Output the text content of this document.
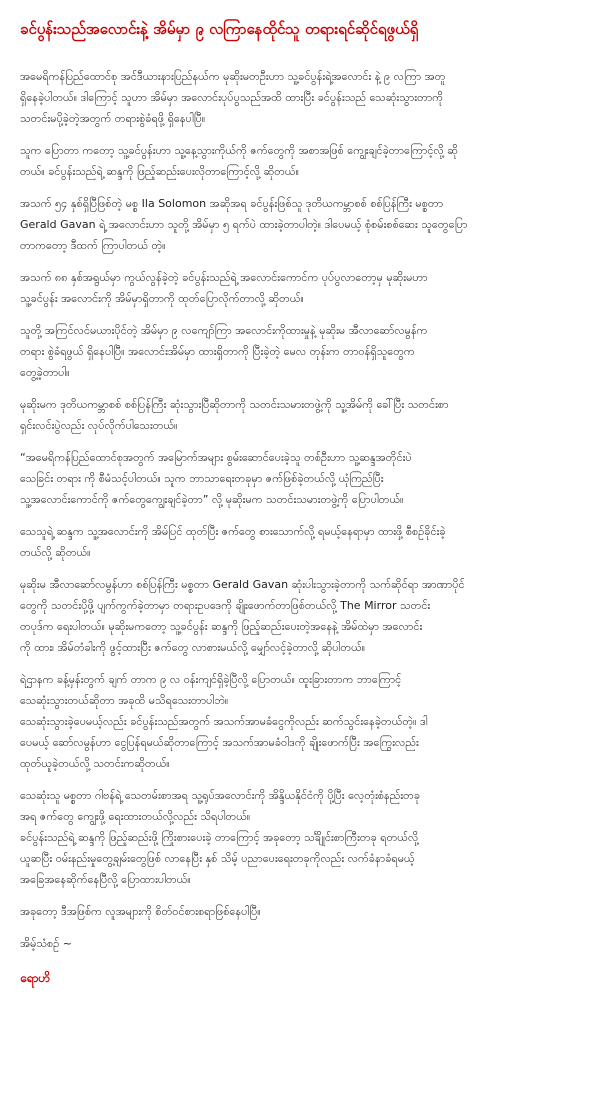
ခင်ပွန်းသည်အလောင်းနဲ့ အိမ်မှာ ၉ လကြာနေထိုင်သူ တရားရင်ဆိုင်ရဖွယ်ရှိ

အမေရိကန်ပြည်ထောင်စု အင်ဒီယားနားပြည်နယ်က မုဆိုးမတဦးဟာ သူ့ခင်ပွန်းရဲ့အလောင်း နဲ့ ၉ လကြာ အတူ
ရှိနေခဲ့ပါတယ်။ ဒါကြောင့် သူဟာ အိမ်မှာ အလောင်းပုပ်ပွသည်အထိ ထားပြီး ခင်ပွန်းသည် သေဆုံးသွားတာကို
သတင်းမပို့ခဲ့တဲ့အတွက် တရားစွဲခံရဖို့ ရှိနေပါပြီ။

သူက ပြောတာ ကတော့ သူ့ခင်ပွန်းဟာ သူ့နေ့သွားကိုယ်ကို ဇက်တွေကို အစာအဖြစ် ကျွေးချင်ခဲ့တာကြောင့်လို့ ဆို
တယ်။ ခင်ပွန်းသည်ရဲ့ ဆန္ဒကို ဖြည့်ဆည်းပေးလိုတာကြောင့်လို့ ဆိုတယ်။

အသက် ၅၄ နှစ်ရှိပြီဖြစ်တဲ့ မစ္စ Ila Solomon အဆိုအရ ခင်ပွန်းဖြစ်သူ ဒုတိယကမ္ဘာစစ် စစ်ပြန်ကြီး မစ္စတာ
Gerald Gavan ရဲ့ အလောင်းဟာ သူတို့ အိမ်မှာ ၅ ရက်ပဲ ထားခဲ့တာပါတဲ့။ ဒါပေမယ့် စုံစမ်းစစ်ဆေး သူတွေပြော
တာကတော့ ဒီထက် ကြာပါတယ် တဲ့။

အသက် ၈၈ နှစ်အရွယ်မှာ ကွယ်လွန်ခဲ့တဲ့ ခင်ပွန်းသည်ရဲ့ အလောင်းကောင်က ပုပ်ပွလာတော့မှ မုဆိုးမဟာ
သူ့ခင်ပွန်း အလောင်းကို အိမ်မှာရှိတာကို ထုတ်ပြောလိုက်တာလို့ ဆိုတယ်။

သူတို့ အကြင်လင်မယားပိုင်တဲ့ အိမ်မှာ ၉ လကျော်ကြာ အလောင်းကိုထားမှုနဲ့ မုဆိုးမ အီလာဆော်လမွန်က
တရား စွဲခံရဖွယ် ရှိနေပါပြီ။ အလောင်းအိမ်မှာ ထားရှိတာကို ပြီးခဲ့တဲ့ မေလ တုန်းက တာဝန်ရှိသူတွေက
တွေ့ခဲ့တာပါ။

မုဆိုးမက ဒုတိယကမ္ဘာစစ် စစ်ပြန်ကြီး ဆုံးသွားပြီဆိုတာကို သတင်းသမားတဖွဲ့ကို သူ့အိမ်ကို ခေါ်ပြီး သတင်းစာ
ရှင်းလင်းပွဲလည်း လုပ်လိုက်ပါသေးတယ်။

“အမေရိကန်ပြည်ထောင်စုအတွက် အမြောက်အများ စွမ်းဆောင်ပေးခဲ့သူ တစ်ဦးဟာ သူ့ဆန္ဒအတိုင်းပဲ
သေခြင်း တရား ကို စီမံသင့်ပါတယ်။ သူက ဘာသာရေးတခုမှာ ဇက်ဖြစ်ခဲ့တယ်လို့ ယုံကြည်ပြီး
သူ့အလောင်းကောင်ကို ဇက်တွေကျွေးချင်ခဲ့တာ” လို့ မုဆိုးမက သတင်းသမားတဖွဲ့ကို ပြောပါတယ်။

သေသူရဲ့ ဆန္ဒက သူ့အလောင်းကို အိမ်ပြင် ထုတ်ပြီး ဇက်တွေ စားသောက်လို့ ရမယ့်နေရာမှာ ထားဖို့ စီစဉ်ခိုင်းခဲ့
တယ်လို့ ဆိုတယ်။

မုဆိုးမ အီလာဆော်လမွန်ဟာ စစ်ပြန်ကြီး မစ္စတာ Gerald Gavan ဆုံးပါးသွားခဲ့တာကို သက်ဆိုင်ရာ အာဏာပိုင်
တွေကို သတင်းပို့ဖို့ ပျက်ကွက်ခဲ့တာမှာ တရားဥပဒေကို ချိုးဖောက်တာဖြစ်တယ်လို့ The Mirror သတင်း
တပုဒ်က ရေးပါတယ်။ မုဆိုးမကတော့ သူ့ခင်ပွန်း ဆန္ဒကို ဖြည့်ဆည်းပေးတဲ့အနေနဲ့ အိမ်ထဲမှာ အလောင်း
ကို ထား၊ အိမ်တံခါးကို ဖွင့်ထားပြီး ဇက်တွေ လာစားမယ်လို့ မျှော်လင့်ခဲ့တာလို့ ဆိုပါတယ်။

ရဲဌာနက ခန့်မှန်းတွက် ချက် တာက ၉ လ ဝန်းကျင်ရှိခဲ့ပြီလို့ ပြောတယ်။ ထူးခြားတာက ဘာကြောင့်
သေဆုံးသွားတယ်ဆိုတာ အခုထိ မသိရသေးတာပါဘဲ။
သေဆုံးသွားခဲ့ပေမယ့်လည်း ခင်ပွန်းသည်အတွက် အသက်အာမခံငွေကိုလည်း ဆက်သွင်းနေခဲ့တယ်တဲ့။ ဒါ
ပေမယ့် ဆော်လမွန်ဟာ ငွေပြန်ရမယ်ဆိုတာကြောင့် အသက်အာမခံဝါဒကို ချိုးဖောက်ပြီး အကြွေးလည်း
ထုတ်ယူခဲ့တယ်လို့ သတင်းကဆိုတယ်။

သေဆုံးသူ မစ္စတာ ဂါဗန်ရဲ့ သေတမ်းစာအရ သူ့ရုပ်အလောင်းကို အိန္ဒိယနိုင်ငံကို ပို့ပြီး လေ့တုံးစံနည်းတခု
အရ ဇက်တွေ ကျွေးဖို့ ရေးထားတယ်လို့လည်း သိရပါတယ်။
ခင်ပွန်းသည်ရဲ့ ဆန္ဒကို ဖြည့်ဆည်းဖို့ ကြိုးစားပေးခဲ့ တာကြောင့် အခုတော့ သင်္ချိုင်းစာကြီးတခု ရတယ်လို့
ယူဆပြီး ဝမ်းနည်းမှုတွေ့ချမ်းတွေဖြစ် လာနေပြီး နှစ် သိမ့် ပညာပေးရေးတခုကိုလည်း လက်ခံနာခံရမယ့်
အခြေအနေဆိုက်နေပြီလို့ ပြောထားပါတယ်။

အခုတော့ ဒီအဖြစ်က လူအများကို စိတ်ဝင်စားစရာဖြစ်နေပါပြီ။

အိမ့်သံစဉ် ~

ရောဟိ
